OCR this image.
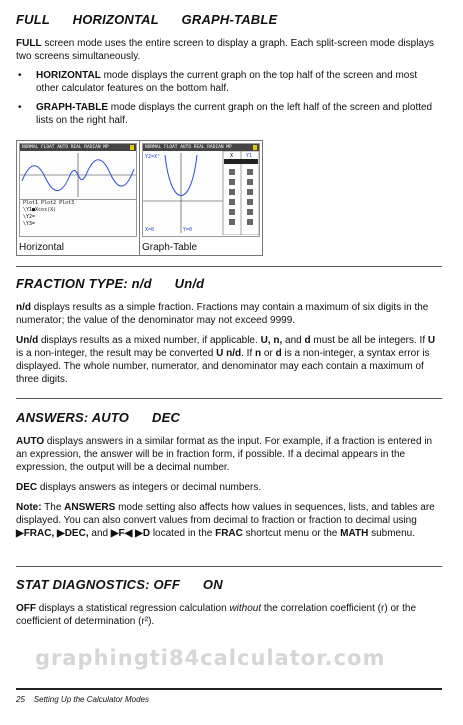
FULL HORIZONTAL GRAPH-TABLE

FULL screen mode uses the entire screen to display a graph. Each split-screen mode displays two screens simultaneously.

• HORIZONTAL mode displays the current graph on the top half of the screen and most other calculator features on the bottom half.
• GRAPH-TABLE mode displays the current graph on the left half of the screen and plotted lists on the right half.
NORMAL FLOAT AUTO REAL RADIAN MP
Plot1 Plot2 Plot3
\Y1■Xcos(X)
\Y2=
\Y3=
Horizontal
NORMAL FLOAT AUTO REAL RADIAN MP
Y2=X²
X=0	Y=0
X	Y1
Graph-Table
FRACTION TYPE: n/d Un/d

n/d displays results as a simple fraction. Fractions may contain a maximum of six digits in the numerator; the value of the denominator may not exceed 9999.

Un/d displays results as a mixed number, if applicable. U, n, and d must be all be integers. If U is a non-integer, the result may be converted U n/d. If n or d is a non-integer, a syntax error is displayed. The whole number, numerator, and denominator may each contain a maximum of three digits.

ANSWERS: AUTO DEC

AUTO displays answers in a similar format as the input. For example, if a fraction is entered in an expression, the answer will be in fraction form, if possible. If a decimal appears in the expression, the output will be a decimal number.

DEC displays answers as integers or decimal numbers.

Note: The ANSWERS mode setting also affects how values in sequences, lists, and tables are displayed. You can also convert values from decimal to fraction or fraction to decimal using ▶FRAC, ▶DEC, and ▶F◀ ▶D located in the FRAC shortcut menu or the MATH submenu.

STAT DIAGNOSTICS: OFF ON

OFF displays a statistical regression calculation without the correlation coefficient (r) or the coefficient of determination (r²).

graphingti84calculator.com
25    Setting Up the Calculator Modes
